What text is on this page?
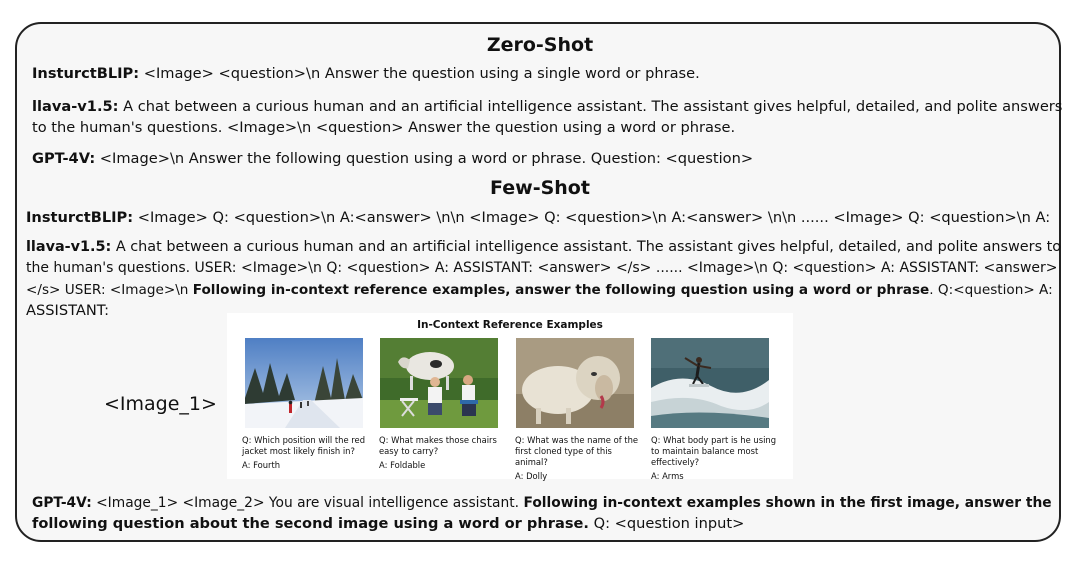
Zero-Shot
InsturctBLIP: <Image> <question>\n Answer the question using a single word or phrase.
llava-v1.5: A chat between a curious human and an artificial intelligence assistant. The assistant gives helpful, detailed, and polite answers
to the human's questions. <Image>\n <question> Answer the question using a word or phrase.
GPT-4V: <Image>\n Answer the following question using a word or phrase. Question: <question>
Few-Shot
InsturctBLIP: <Image> Q: <question>\n A:<answer> \n\n <Image> Q: <question>\n A:<answer> \n\n ...... <Image> Q: <question>\n A:
llava-v1.5: A chat between a curious human and an artificial intelligence assistant. The assistant gives helpful, detailed, and polite answers to
the human's questions. USER: <Image>\n Q: <question> A: ASSISTANT: <answer> </s> ...... <Image>\n Q: <question> A: ASSISTANT: <answer>
</s> USER: <Image>\n Following in-context reference examples, answer the following question using a word or phrase. Q:<question> A:
ASSISTANT:
<Image_1>
In-Context Reference Examples
Q: Which position will the red jacket most likely finish in?
A: Fourth
Q: What makes those chairs easy to carry?
A: Foldable
Q: What was the name of the first cloned type of this animal?
A: Dolly
Q: What body part is he using to maintain balance most effectively?
A: Arms
GPT-4V: <Image_1> <Image_2> You are visual intelligence assistant. Following in-context examples shown in the first image, answer the
following question about the second image using a word or phrase. Q: <question input>
